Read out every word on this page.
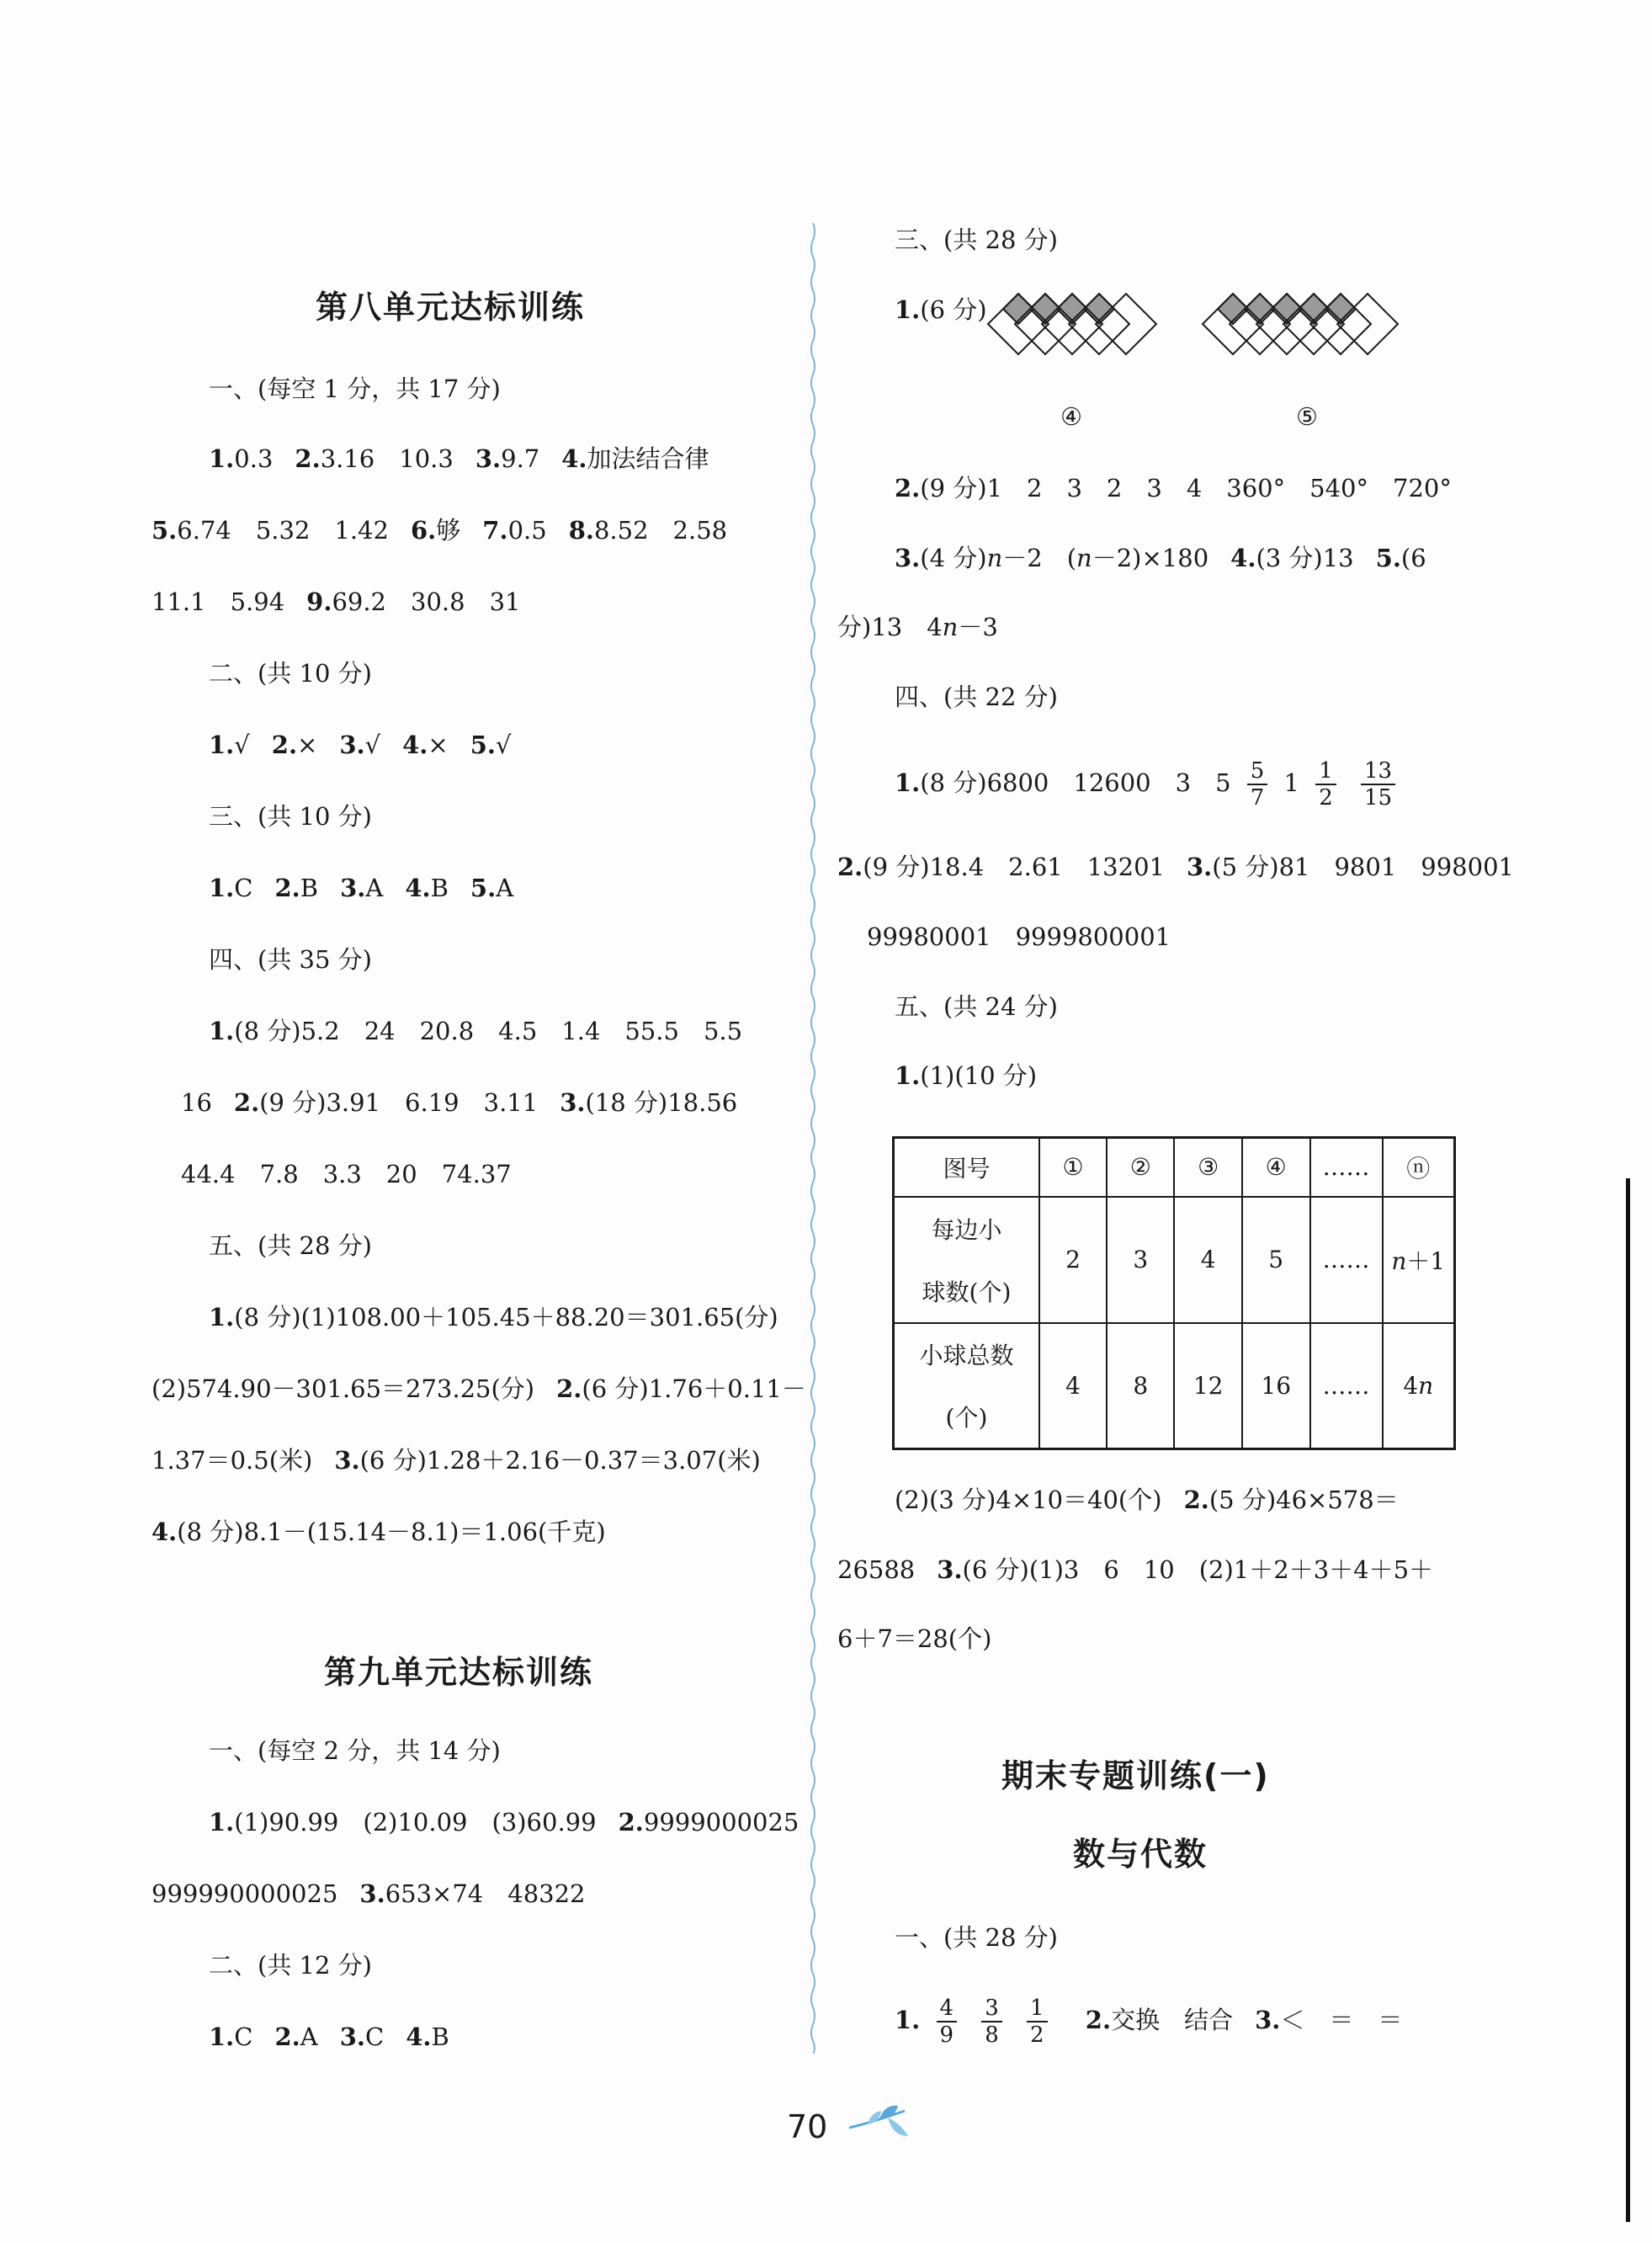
第八单元达标训练
一、(每空 1 分，共 17 分)
1.0.3 2.3.16　10.3 3.9.7 4.加法结合律
5.6.74　5.32　1.42 6.够 7.0.5 8.8.52　2.58
11.1　5.94 9.69.2　30.8　31
二、(共 10 分)
1.√ 2.× 3.√ 4.× 5.√
三、(共 10 分)
1.C 2.B 3.A 4.B 5.A
四、(共 35 分)
1.(8 分)5.2　24　20.8　4.5　1.4　55.5　5.5
16 2.(9 分)3.91　6.19　3.11 3.(18 分)18.56
44.4　7.8　3.3　20　74.37
五、(共 28 分)
1.(8 分)(1)108.00＋105.45＋88.20＝301.65(分)
(2)574.90－301.65＝273.25(分) 2.(6 分)1.76＋0.11－
1.37＝0.5(米) 3.(6 分)1.28＋2.16－0.37＝3.07(米)
4.(8 分)8.1－(15.14－8.1)＝1.06(千克)
第九单元达标训练
一、(每空 2 分，共 14 分)
1.(1)90.99　(2)10.09　(3)60.99 2.9999000025
999990000025 3.653×74　48322
二、(共 12 分)
1.C 2.A 3.C 4.B
三、(共 28 分)
1.(6 分)
④	⑤
2.(9 分)1　2　3　2　3　4　360°　540°　720°
3.(4 分)n－2　(n－2)×180 4.(3 分)13 5.(6
分)13　4n－3
四、(共 22 分)
1.(8 分)6800　12600　3　$5 \frac{5}{7} 1 \frac{1}{2}$
$\frac{13}{15}$
2.(9 分)18.4　2.61　13201 3.(5 分)81　9801　998001
99980001　9999800001
五、(共 24 分)
1.(1)(10 分)
图号	①	②	③	④	……	ⓝ

每边小
球数(个)	2	3	4	5	……	n＋1

小球总数
(个)	4	8	12	16	……	4n
(2)(3 分)4×10＝40(个) 2.(5 分)46×578＝
26588 3.(6 分)(1)3　6　10　(2)1＋2＋3＋4＋5＋
6＋7＝28(个)
期末专题训练(一)
数与代数
一、(共 28 分)
1. $\frac{4}{9}$
$\frac{3}{8}$
$\frac{1}{2} 2$.交换　结合 3.＜　＝　＝
70
